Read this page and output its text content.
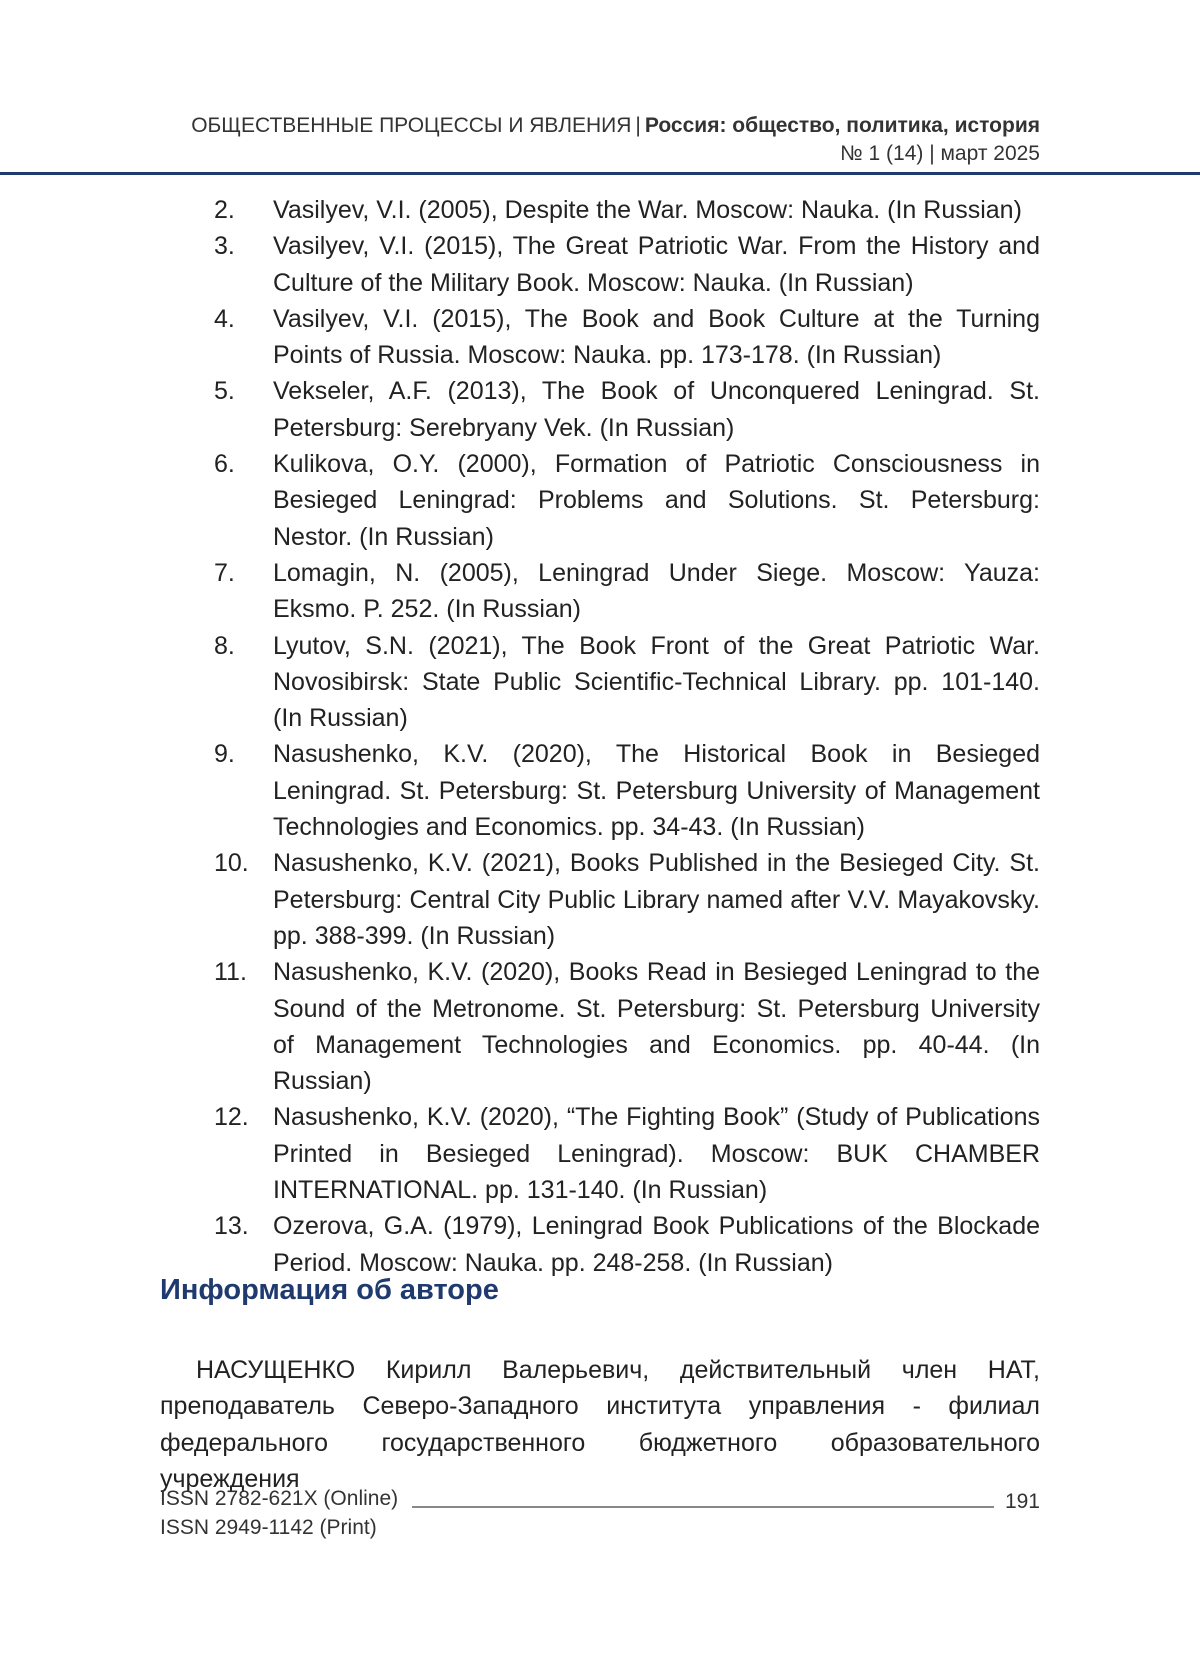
ОБЩЕСТВЕННЫЕ ПРОЦЕССЫ И ЯВЛЕНИЯ | Россия: общество, политика, история
№ 1 (14) | март 2025
2. Vasilyev, V.I. (2005), Despite the War. Moscow: Nauka. (In Russian)
3. Vasilyev, V.I. (2015), The Great Patriotic War. From the History and Culture of the Military Book. Moscow: Nauka. (In Russian)
4. Vasilyev, V.I. (2015), The Book and Book Culture at the Turning Points of Russia. Moscow: Nauka. pp. 173-178. (In Russian)
5. Vekseler, A.F. (2013), The Book of Unconquered Leningrad. St. Petersburg: Serebryany Vek. (In Russian)
6. Kulikova, O.Y. (2000), Formation of Patriotic Consciousness in Besieged Leningrad: Problems and Solutions. St. Petersburg: Nestor. (In Russian)
7. Lomagin, N. (2005), Leningrad Under Siege. Moscow: Yauza: Eksmo. P. 252. (In Russian)
8. Lyutov, S.N. (2021), The Book Front of the Great Patriotic War. Novosibirsk: State Public Scientific-Technical Library. pp. 101-140. (In Russian)
9. Nasushenko, K.V. (2020), The Historical Book in Besieged Leningrad. St. Petersburg: St. Petersburg University of Management Technologies and Economics. pp. 34-43. (In Russian)
10. Nasushenko, K.V. (2021), Books Published in the Besieged City. St. Petersburg: Central City Public Library named after V.V. Mayakovsky. pp. 388-399. (In Russian)
11. Nasushenko, K.V. (2020), Books Read in Besieged Leningrad to the Sound of the Metronome. St. Petersburg: St. Petersburg University of Management Technologies and Economics. pp. 40-44. (In Russian)
12. Nasushenko, K.V. (2020), “The Fighting Book” (Study of Publications Printed in Besieged Leningrad). Moscow: BUK CHAMBER INTERNATIONAL. pp. 131-140. (In Russian)
13. Ozerova, G.A. (1979), Leningrad Book Publications of the Blockade Period. Moscow: Nauka. pp. 248-258. (In Russian)
Информация об авторе

НАСУЩЕНКО Кирилл Валерьевич, действительный член НАТ, преподаватель Северо-Западного института управления - филиал федерального государственного бюджетного образовательного учреждения

ISSN 2782-621X (Online)
ISSN 2949-1142 (Print)
191
